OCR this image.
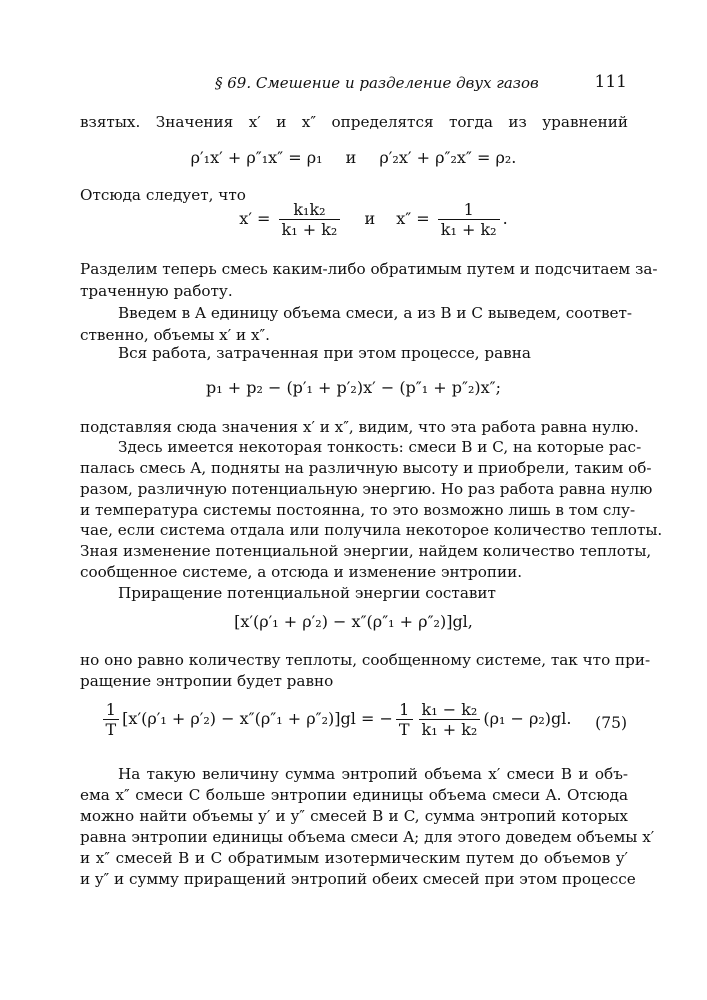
§ 69. Смешение и разделение двух газов	111
взятых. Значения x′ и x″ определятся тогда из уравнений
ρ′₁x′ + ρ″₁x″ = ρ₁ и ρ′₂x′ + ρ″₂x″ = ρ₂.
Отсюда следует, что
$x' = \frac{\text{k₁k₂}}{\text{k₁ + k₂}}$ и $x'' = \frac{1}{\text{k₁ + k₂}}$ .
Разделим теперь смесь каким-либо обратимым путем и подсчитаем за-
траченную работу.
Введем в A единицу объема смеси, а из B и C выведем, соответ-
ственно, объемы x′ и x″.
Вся работа, затраченная при этом процессе, равна
p₁ + p₂ − (p′₁ + p′₂)x′ − (p″₁ + p″₂)x″;
подставляя сюда значения x′ и x″, видим, что эта работа равна нулю.
Здесь имеется некоторая тонкость: смеси B и C, на которые рас-
палась смесь A, подняты на различную высоту и приобрели, таким об-
разом, различную потенциальную энергию. Но раз работа равна нулю
и температура системы постоянна, то это возможно лишь в том слу-
чае, если система отдала или получила некоторое количество теплоты.
Зная изменение потенциальной энергии, найдем количество теплоты,
сообщенное системе, а отсюда и изменение энтропии.
Приращение потенциальной энергии составит
[x′(ρ′₁ + ρ′₂) − x″(ρ″₁ + ρ″₂)]gl,
но оно равно количеству теплоты, сообщенному системе, так что при-
ращение энтропии будет равно
$\frac{1}{T} [x'(\rho'_1 + \rho'_2) - x''(\rho''_1 + \rho''_2)]gl$ = − $\frac{1}{T} \frac{\text{k₁ − k₂}}{\text{k₁ + k₂}} (\rho_1 - \rho_2)gl$.	(75)
На такую величину сумма энтропий объема x′ смеси B и объ-
ема x″ смеси C больше энтропии единицы объема смеси A. Отсюда
можно найти объемы y′ и y″ смесей B и C, сумма энтропий которых
равна энтропии единицы объема смеси A; для этого доведем объемы x′
и x″ смесей B и C обратимым изотермическим путем до объемов y′
и y″ и сумму приращений энтропий обеих смесей при этом процессе
